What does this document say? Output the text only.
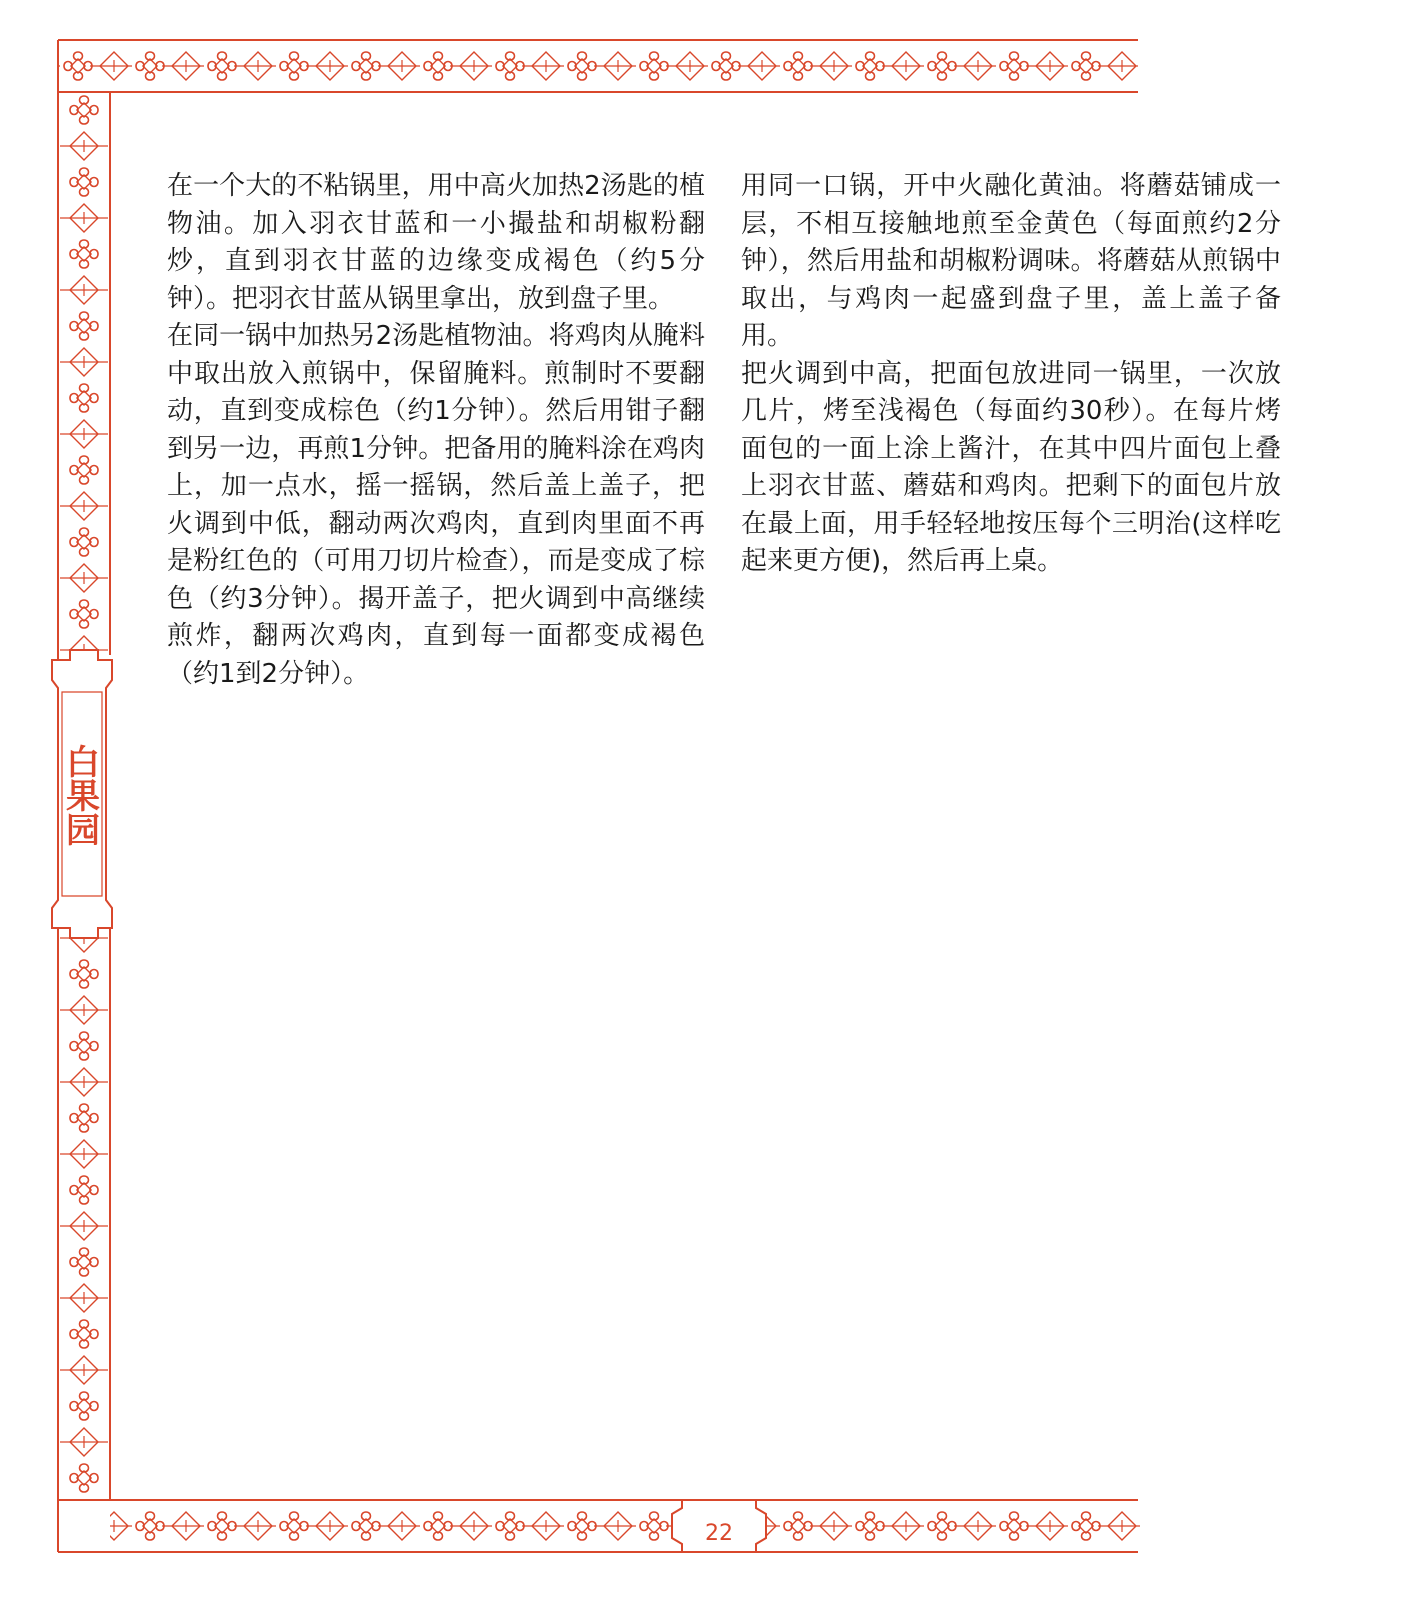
白果园
22

在一个大的不粘锅里，用中高火加热2汤匙的植物油。加入羽衣甘蓝和一小撮盐和胡椒粉翻炒，直到羽衣甘蓝的边缘变成褐色（约5分钟）。把羽衣甘蓝从锅里拿出，放到盘子里。

在同一锅中加热另2汤匙植物油。将鸡肉从腌料中取出放入煎锅中，保留腌料。煎制时不要翻动，直到变成棕色（约1分钟）。然后用钳子翻到另一边，再煎1分钟。把备用的腌料涂在鸡肉上，加一点水，摇一摇锅，然后盖上盖子，把火调到中低，翻动两次鸡肉，直到肉里面不再是粉红色的（可用刀切片检查），而是变成了棕色（约3分钟）。揭开盖子，把火调到中高继续煎炸，翻两次鸡肉，直到每一面都变成褐色（约1到2分钟）。

用同一口锅，开中火融化黄油。将蘑菇铺成一层，不相互接触地煎至金黄色（每面煎约2分钟），然后用盐和胡椒粉调味。将蘑菇从煎锅中取出，与鸡肉一起盛到盘子里，盖上盖子备用。

把火调到中高，把面包放进同一锅里，一次放几片，烤至浅褐色（每面约30秒）。在每片烤面包的一面上涂上酱汁，在其中四片面包上叠上羽衣甘蓝、蘑菇和鸡肉。把剩下的面包片放在最上面，用手轻轻地按压每个三明治(这样吃起来更方便)，然后再上桌。
